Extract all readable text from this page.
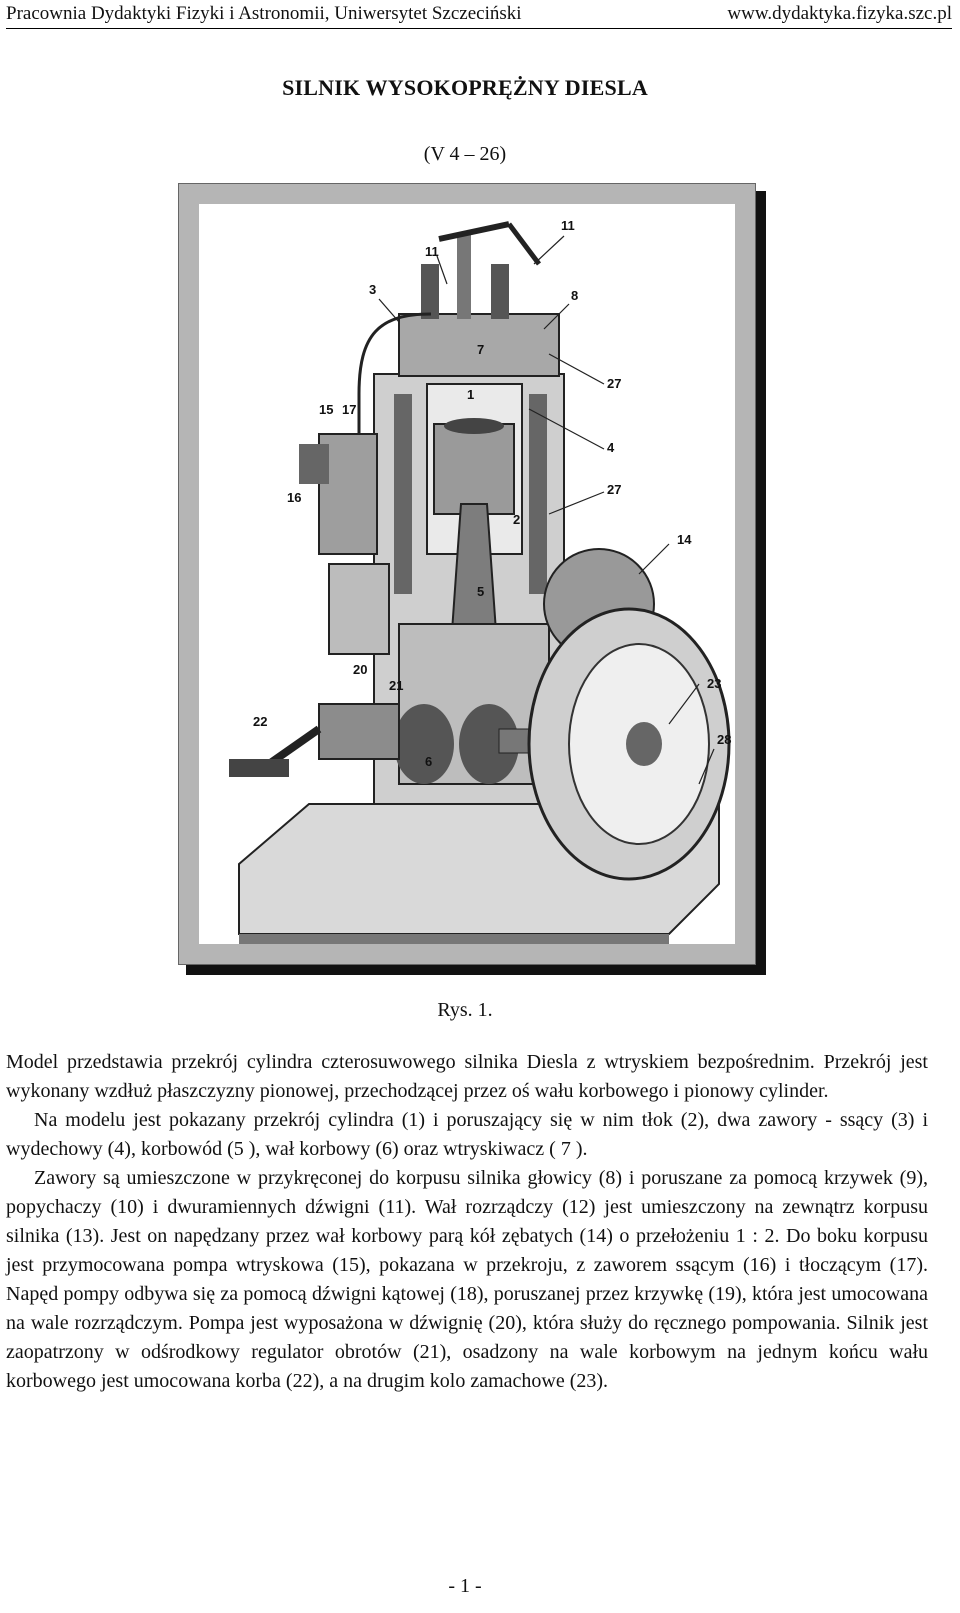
Pracownia Dydaktyki Fizyki i Astronomii, Uniwersytet Szczeciński	www.dydaktyka.fizyka.szc.pl
SILNIK WYSOKOPRĘŻNY DIESLA
(V 4 – 26)
11
11
3	8
7
1
27
4
15 17
16
27
2
14
5
20
21	23
22
28
6
Rys. 1.

Model przedstawia przekrój cylindra czterosuwowego silnika Diesla z wtryskiem bezpośrednim. Przekrój jest wykonany wzdłuż płaszczyzny pionowej, przechodzącej przez oś wału korbowego i pionowy cylinder.

Na modelu jest pokazany przekrój cylindra (1) i poruszający się w nim tłok (2), dwa zawory - ssący (3) i wydechowy (4), korbowód (5 ), wał korbowy (6) oraz wtryskiwacz ( 7 ).

Zawory są umieszczone w przykręconej do korpusu silnika głowicy (8) i poruszane za pomocą krzywek (9), popychaczy (10) i dwuramiennych dźwigni (11). Wał rozrządczy (12) jest umieszczony na zewnątrz korpusu silnika (13). Jest on napędzany przez wał korbowy parą kół zębatych (14) o przełożeniu 1 : 2. Do boku korpusu jest przymocowana pompa wtryskowa (15), pokazana w przekroju, z zaworem ssącym (16) i tłoczącym (17). Napęd pompy odbywa się za pomocą dźwigni kątowej (18), poruszanej przez krzywkę (19), która jest umocowana na wale rozrządczym. Pompa jest wyposażona w dźwignię (20), która służy do ręcznego pompowania. Silnik jest zaopatrzony w odśrodkowy regulator obrotów (21), osadzony na wale korbowym na jednym końcu wału korbowego jest umocowana korba (22), a na drugim kolo zamachowe (23).

- 1 -
